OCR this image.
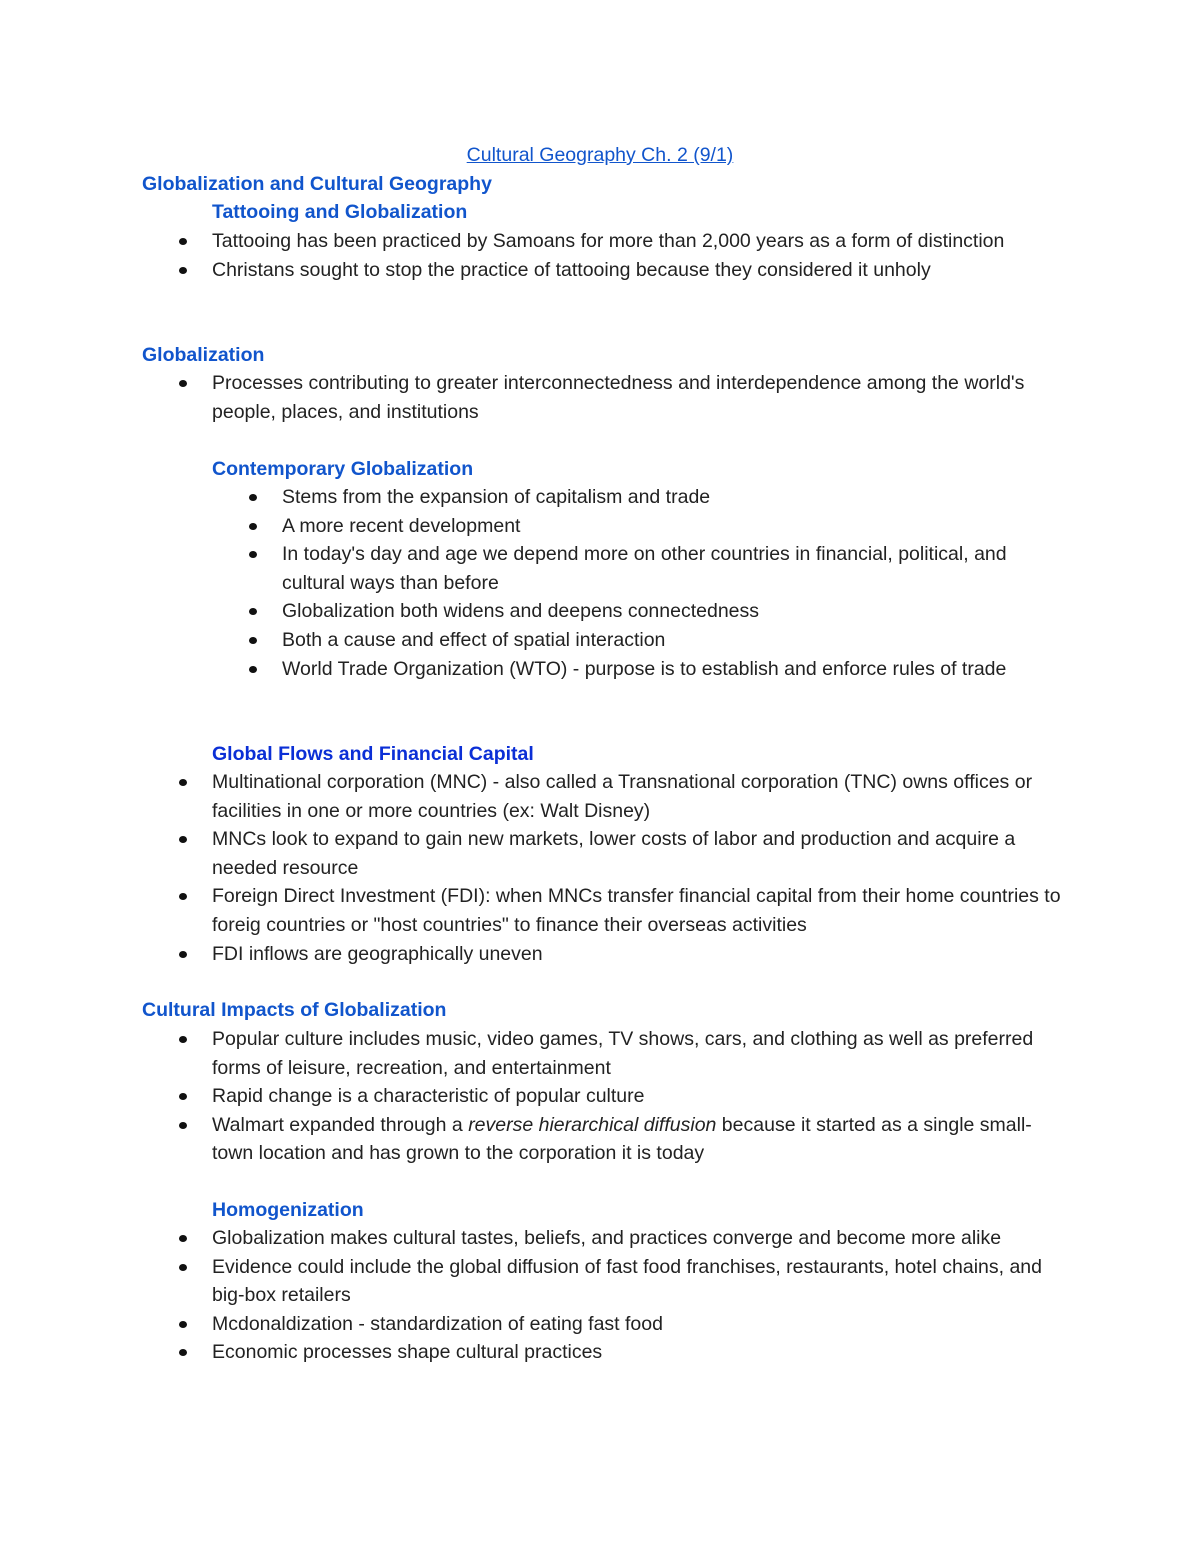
Cultural Geography Ch. 2 (9/1)
Globalization and Cultural Geography
Tattooing and Globalization
Tattooing has been practiced by Samoans for more than 2,000 years as a form of distinction
Christans sought to stop the practice of tattooing because they considered it unholy
Globalization
Processes contributing to greater interconnectedness and interdependence among the world's people, places, and institutions
Contemporary Globalization
Stems from the expansion of capitalism and trade
A more recent development
In today's day and age we depend more on other countries in financial, political, and cultural ways than before
Globalization both widens and deepens connectedness
Both a cause and effect of spatial interaction
World Trade Organization (WTO) - purpose is to establish and enforce rules of trade
Global Flows and Financial Capital
Multinational corporation (MNC) - also called a Transnational corporation (TNC) owns offices or facilities in one or more countries (ex: Walt Disney)
MNCs look to expand to gain new markets, lower costs of labor and production and acquire a needed resource
Foreign Direct Investment (FDI): when MNCs transfer financial capital from their home countries to foreig countries or "host countries" to finance their overseas activities
FDI inflows are geographically uneven
Cultural Impacts of Globalization
Popular culture includes music, video games, TV shows, cars, and clothing as well as preferred forms of leisure, recreation, and entertainment
Rapid change is a characteristic of popular culture
Walmart expanded through a reverse hierarchical diffusion because it started as a single small-town location and has grown to the corporation it is today
Homogenization
Globalization makes cultural tastes, beliefs, and practices converge and become more alike
Evidence could include the global diffusion of fast food franchises, restaurants, hotel chains, and big-box retailers
Mcdonaldization - standardization of eating fast food
Economic processes shape cultural practices
